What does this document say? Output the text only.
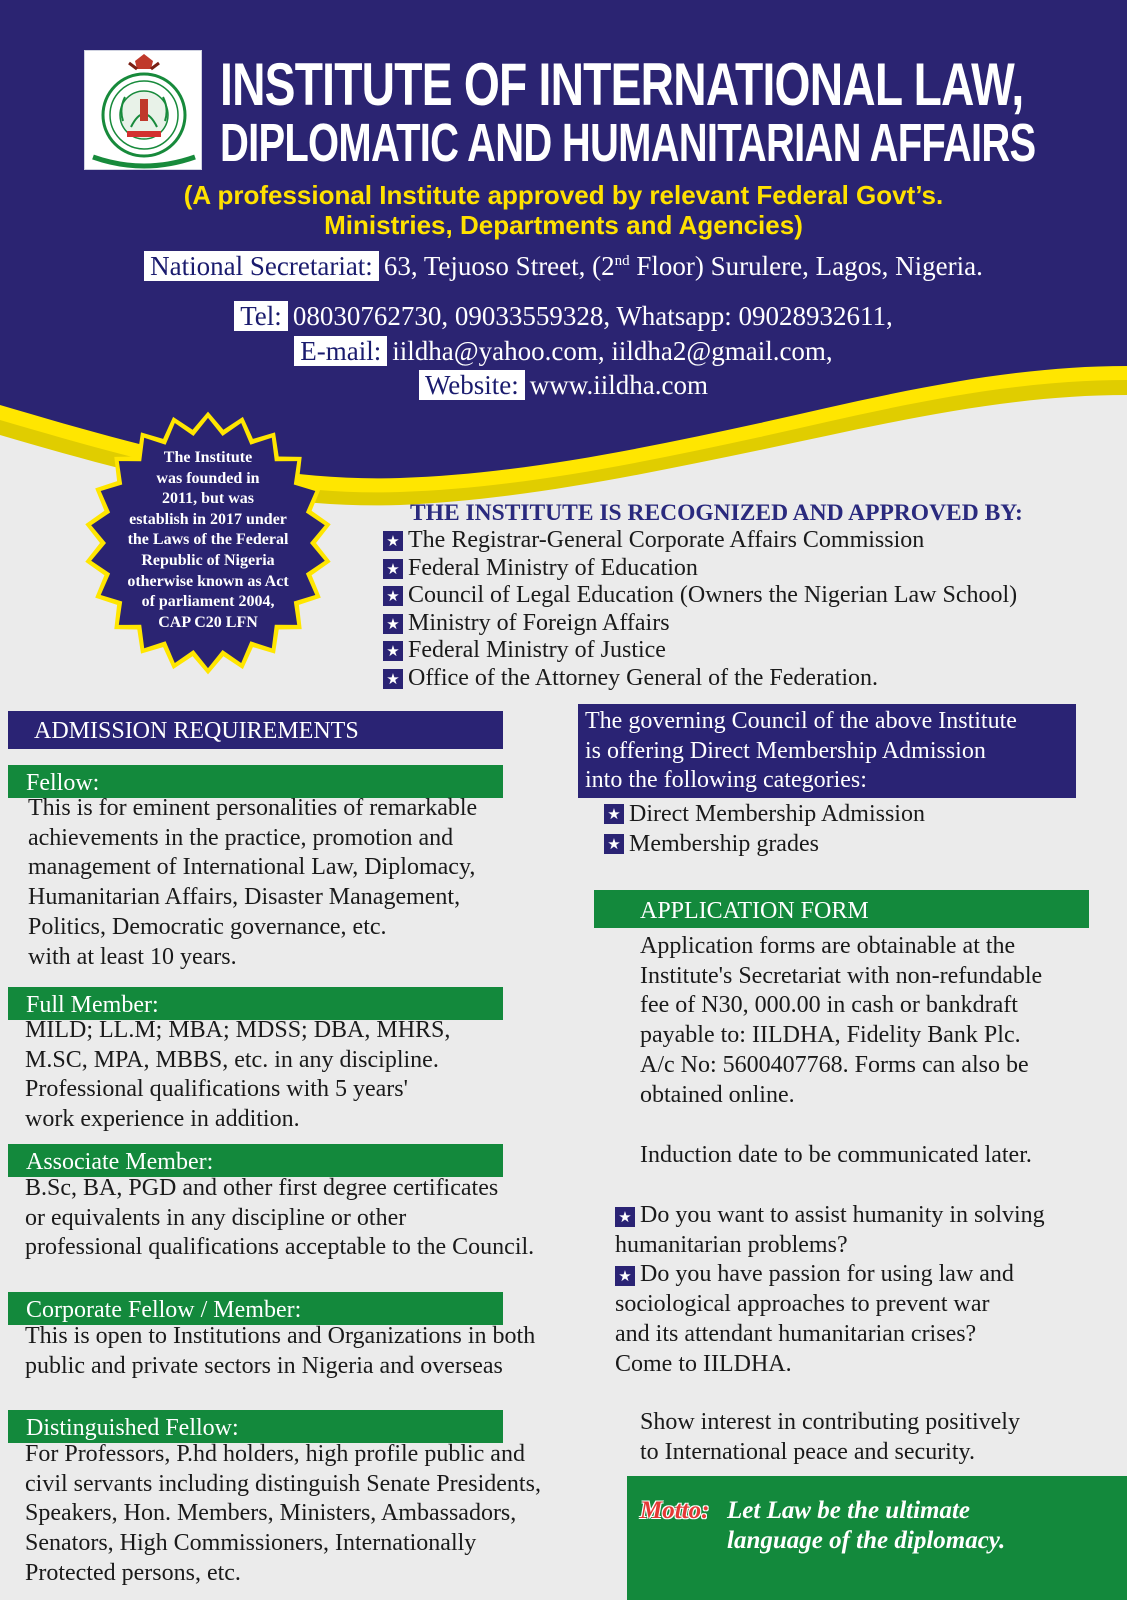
INSTITUTE OF INTERNATIONAL LAW,
DIPLOMATIC AND HUMANITARIAN AFFAIRS
(A professional Institute approved by relevant Federal Govt’s.
Ministries, Departments and Agencies)
National Secretariat: 63, Tejuoso Street, (2nd Floor) Surulere, Lagos, Nigeria.
Tel: 08030762730, 09033559328, Whatsapp: 09028932611,
E-mail: iildha@yahoo.com, iildha2@gmail.com,
Website: www.iildha.com
The Institute
was founded in
2011, but was
establish in 2017 under
the Laws of the Federal
Republic of Nigeria
otherwise known as Act
of parliament 2004,
CAP C20 LFN
THE INSTITUTE IS RECOGNIZED AND APPROVED BY:
★ The Registrar-General Corporate Affairs Commission
★ Federal Ministry of Education
★ Council of Legal Education (Owners the Nigerian Law School)
★ Ministry of Foreign Affairs
★ Federal Ministry of Justice
★ Office of the Attorney General of the Federation.
ADMISSION REQUIREMENTS
Fellow:
This is for eminent personalities of remarkable
achievements in the practice, promotion and
management of International Law, Diplomacy,
Humanitarian Affairs, Disaster Management,
Politics, Democratic governance, etc.
with at least 10 years.
Full Member:
MILD; LL.M; MBA; MDSS; DBA, MHRS,
M.SC, MPA, MBBS, etc. in any discipline.
Professional qualifications with 5 years'
work experience in addition.
Associate Member:
B.Sc, BA, PGD and other first degree certificates
or equivalents in any discipline or other
professional qualifications acceptable to the Council.
Corporate Fellow / Member:
This is open to Institutions and Organizations in both
public and private sectors in Nigeria and overseas
Distinguished Fellow:
For Professors, P.hd holders, high profile public and
civil servants including distinguish Senate Presidents,
Speakers, Hon. Members, Ministers, Ambassadors,
Senators, High Commissioners, Internationally
Protected persons, etc.
The governing Council of the above Institute
is offering Direct Membership Admission
into the following categories:
★ Direct Membership Admission
★ Membership grades
APPLICATION FORM
Application forms are obtainable at the
Institute's Secretariat with non-refundable
fee of N30, 000.00 in cash or bankdraft
payable to: IILDHA, Fidelity Bank Plc.
A/c No: 5600407768. Forms can also be
obtained online.
Induction date to be communicated later.
★ Do you want to assist humanity in solving
humanitarian problems?
★ Do you have passion for using law and
sociological approaches to prevent war
and its attendant humanitarian crises?
Come to IILDHA.
Show interest in contributing positively
to International peace and security.
Motto: Let Law be the ultimate
language of the diplomacy.
